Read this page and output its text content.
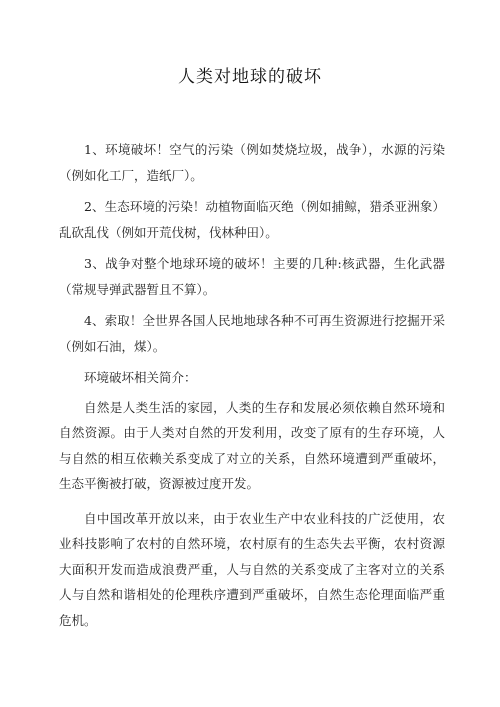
人类对地球的破坏

1、环境破坏！空气的污染（例如焚烧垃圾，战争），水源的污染（例如化工厂，造纸厂）。

2、生态环境的污染！动植物面临灭绝（例如捕鲸，猎杀亚洲象）乱砍乱伐（例如开荒伐树，伐林种田）。

3、战争对整个地球环境的破坏！主要的几种:核武器，生化武器（常规导弹武器暂且不算）。

4、索取！全世界各国人民地地球各种不可再生资源进行挖掘开采（例如石油，煤）。

环境破坏相关简介：

自然是人类生活的家园，人类的生存和发展必须依赖自然环境和自然资源。由于人类对自然的开发利用，改变了原有的生存环境，人与自然的相互依赖关系变成了对立的关系，自然环境遭到严重破坏，生态平衡被打破，资源被过度开发。

自中国改革开放以来，由于农业生产中农业科技的广泛使用，农业科技影响了农村的自然环境，农村原有的生态失去平衡，农村资源大面积开发而造成浪费严重，人与自然的关系变成了主客对立的关系人与自然和谐相处的伦理秩序遭到严重破坏，自然生态伦理面临严重危机。
